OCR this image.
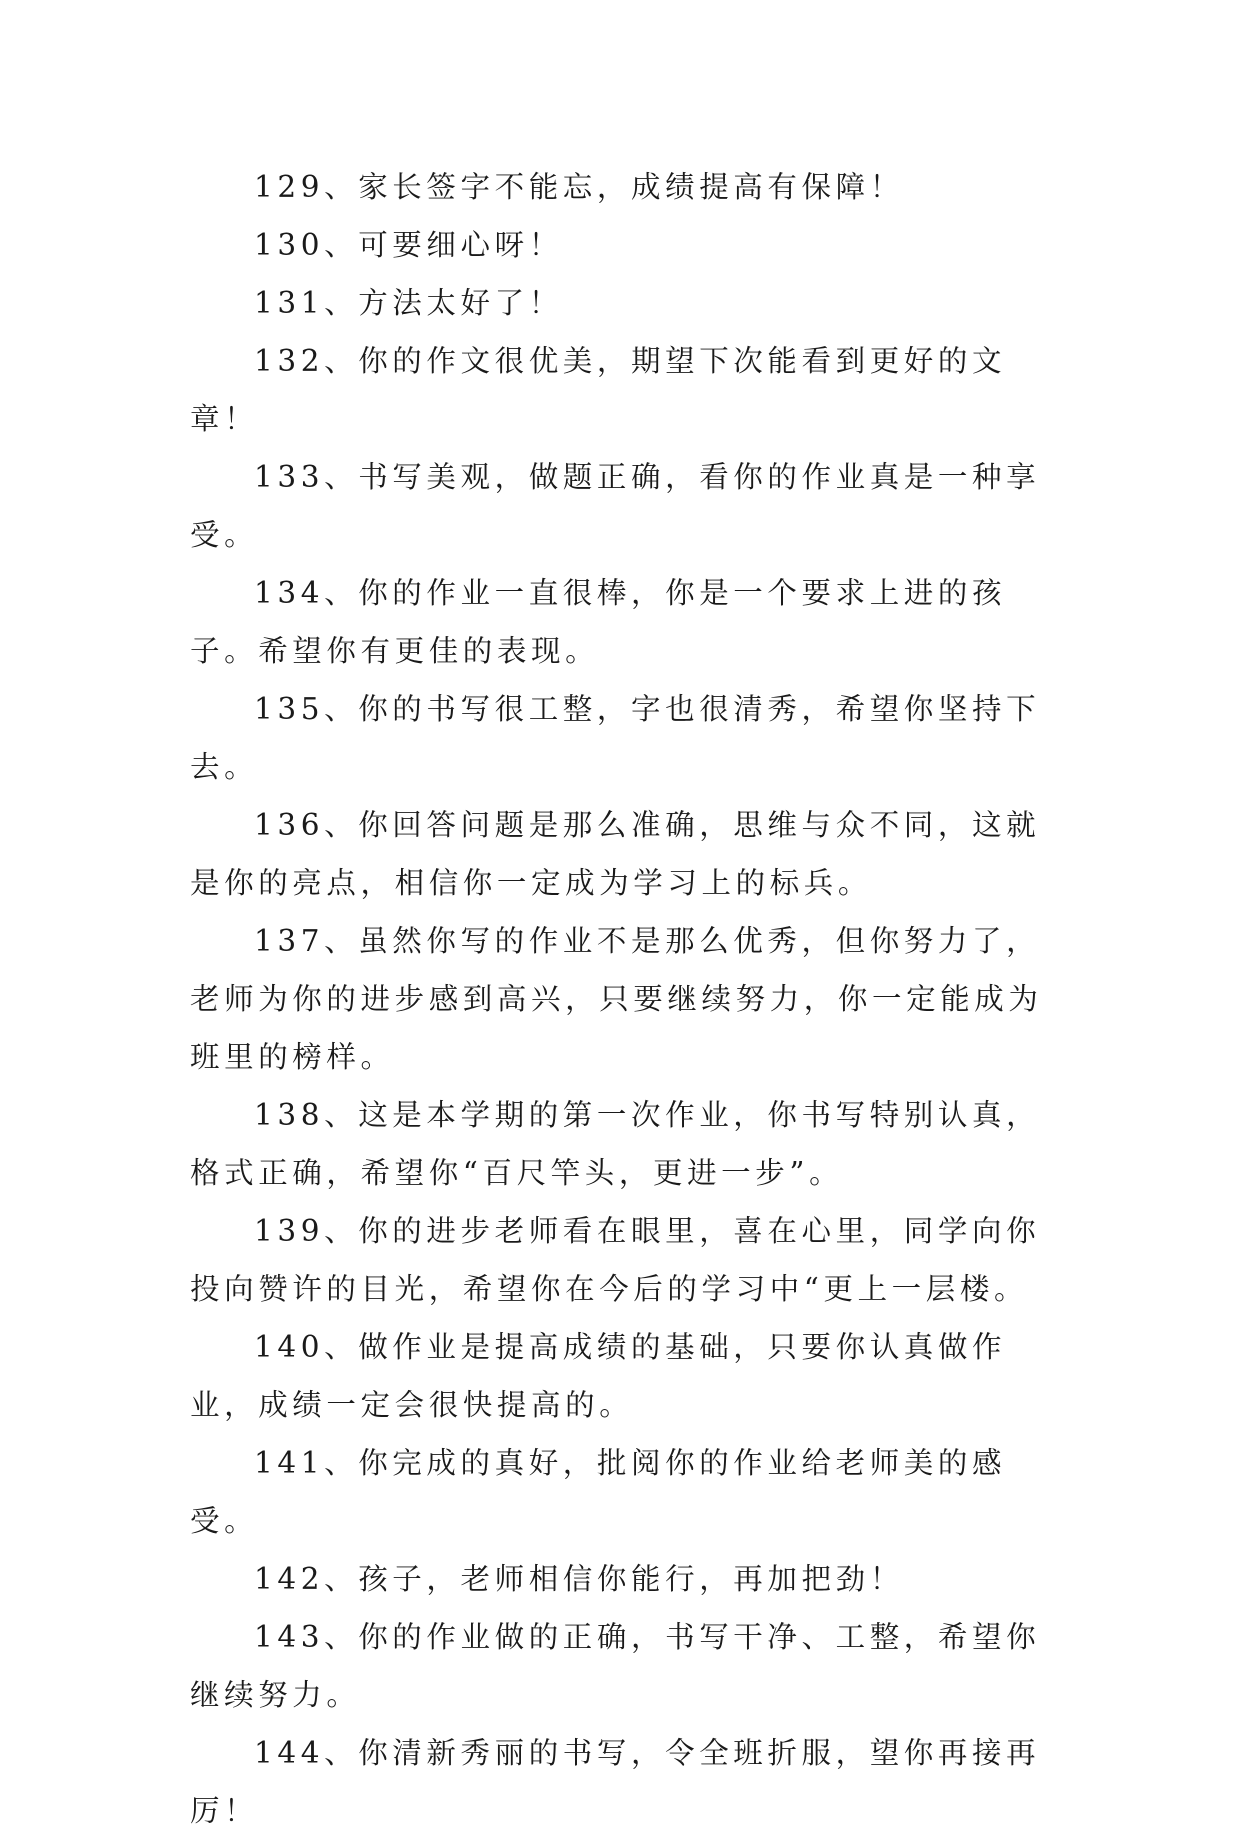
129、家长签字不能忘，成绩提高有保障！

130、可要细心呀！

131、方法太好了！

132、你的作文很优美，期望下次能看到更好的文章！

133、书写美观，做题正确，看你的作业真是一种享受。

134、你的作业一直很棒，你是一个要求上进的孩子。希望你有更佳的表现。

135、你的书写很工整，字也很清秀，希望你坚持下去。

136、你回答问题是那么准确，思维与众不同，这就是你的亮点，相信你一定成为学习上的标兵。

137、虽然你写的作业不是那么优秀，但你努力了，老师为你的进步感到高兴，只要继续努力，你一定能成为班里的榜样。

138、这是本学期的第一次作业，你书写特别认真，格式正确，希望你“百尺竿头，更进一步”。

139、你的进步老师看在眼里，喜在心里，同学向你投向赞许的目光，希望你在今后的学习中“更上一层楼。

140、做作业是提高成绩的基础，只要你认真做作业，成绩一定会很快提高的。

141、你完成的真好，批阅你的作业给老师美的感受。

142、孩子，老师相信你能行，再加把劲！

143、你的作业做的正确，书写干净、工整，希望你继续努力。

144、你清新秀丽的书写，令全班折服，望你再接再厉！
